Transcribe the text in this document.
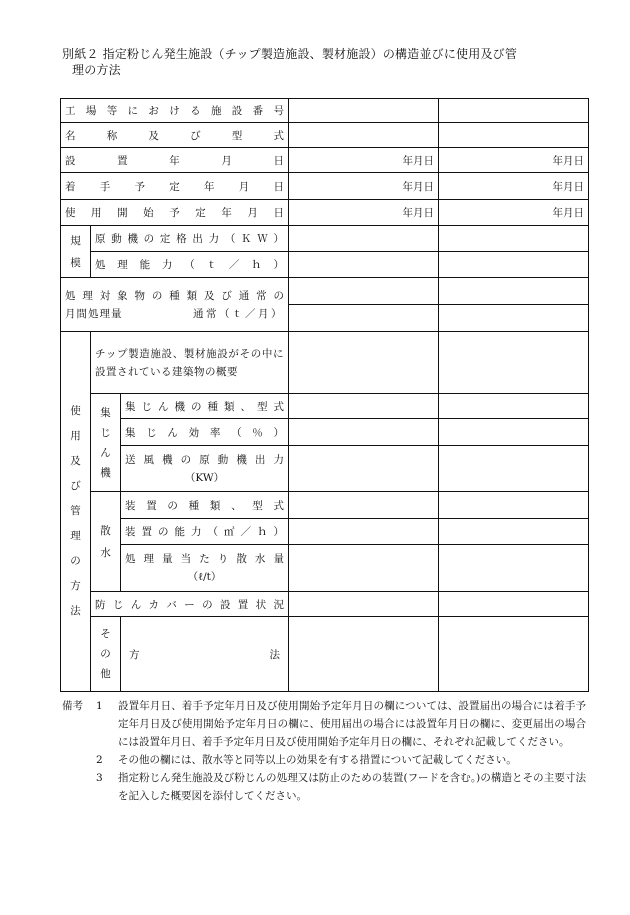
別紙２ 指定粉じん発生施設（チップ製造施設、製材施設）の構造並びに使用及び管
理の方法
工場等における施設番号				
名称及び型式				
設置年月日			年月日	年月日
着手予定年月日			年月日	年月日
使用開始予定年月日			年月日	年月日

規模	原動機の定格出力（ＫＷ）			
	処理能力（ｔ／ｈ）			

処理対象物の種類及び通常の
月間処理量 通常（ｔ／月）				

使用及び管理の方法	チップ製造施設、製材施設がその中に設置されている建築物の概要			

	集じん機	集じん機の種類、型式		
		集じん効率（％）		

		送風機の原動機出力
（KW）		

	散水	装置の種類、型式		
		装置の能力（㎥／ｈ）		

		処理量当たり散水量
（ℓ/t）		

	防じんカバーの設置状況			

	その他	方 法		

備考	1	設置年月日、着手予定年月日及び使用開始予定年月日の欄については、設置届出の場合には着手予定年月日及び使用開始予定年月日の欄に、使用届出の場合には設置年月日の欄に、変更届出の場合には設置年月日、着手予定年月日及び使用開始予定年月日の欄に、それぞれ記載してください。
2	その他の欄には、散水等と同等以上の効果を有する措置について記載してください。
3	指定粉じん発生施設及び粉じんの処理又は防止のための装置(フードを含む｡)の構造とその主要寸法を記入した概要図を添付してください。
